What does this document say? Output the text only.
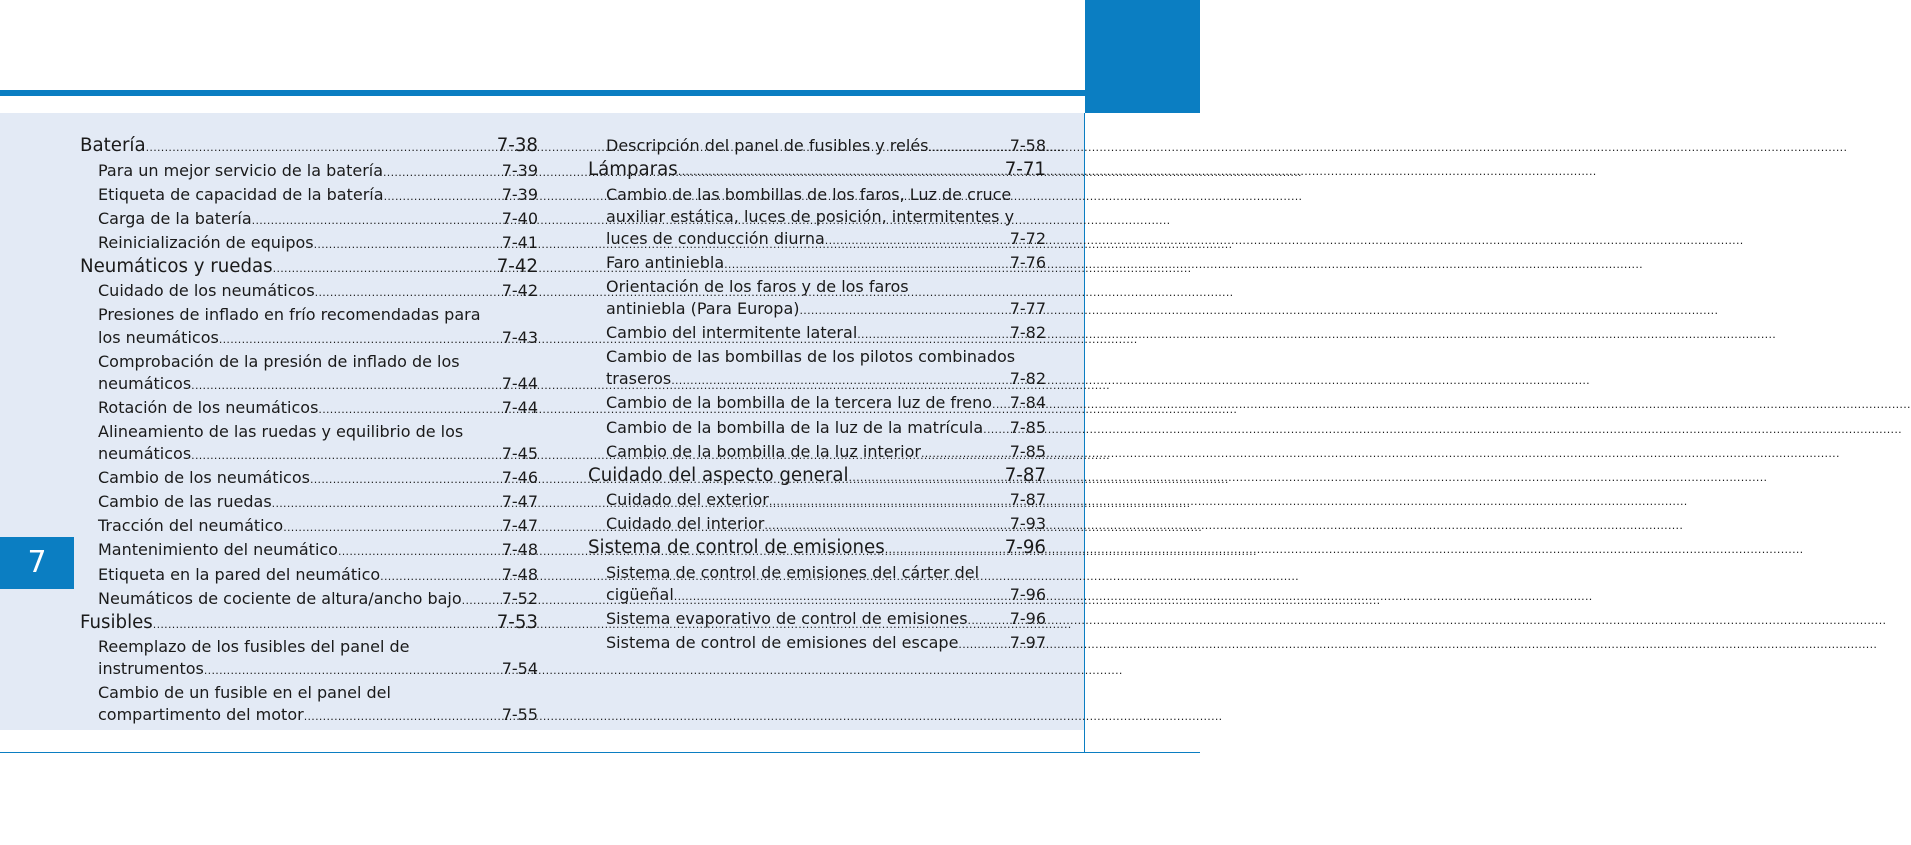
7
Batería .....	7-38
Para un mejor servicio de la batería .....	7-39
Etiqueta de capacidad de la batería .....	7-39
Carga de la batería .....	7-40
Reinicialización de equipos .....	7-41
Neumáticos y ruedas .....	7-42
Cuidado de los neumáticos .....	7-42
Presiones de inflado en frío recomendadas para
los neumáticos .....	7-43
Comprobación de la presión de inflado de los
neumáticos .....	7-44
Rotación de los neumáticos .....	7-44
Alineamiento de las ruedas y equilibrio de los
neumáticos .....	7-45
Cambio de los neumáticos .....	7-46
Cambio de las ruedas .....	7-47
Tracción del neumático .....	7-47
Mantenimiento del neumático .....	7-48
Etiqueta en la pared del neumático .....	7-48
Neumáticos de cociente de altura/ancho bajo .....	7-52
Fusibles .....	7-53
Reemplazo de los fusibles del panel de
instrumentos .....	7-54
Cambio de un fusible en el panel del
compartimento del motor .....	7-55
Descripción del panel de fusibles y relés .....	7-58
Lámparas .....	7-71
Cambio de las bombillas de los faros, Luz de cruce
auxiliar estática, luces de posición, intermitentes y
luces de conducción diurna .....	7-72
Faro antiniebla .....	7-76
Orientación de los faros y de los faros
antiniebla (Para Europa) .....	7-77
Cambio del intermitente lateral .....	7-82
Cambio de las bombillas de los pilotos combinados
traseros .....	7-82
Cambio de la bombilla de la tercera luz de freno ..... 7-84
Cambio de la bombilla de la luz de la matrícula ..... 7-85
Cambio de la bombilla de la luz interior .....	7-85
Cuidado del aspecto general .....	7-87
Cuidado del exterior .....	7-87
Cuidado del interior .....	7-93
Sistema de control de emisiones .....	7-96
Sistema de control de emisiones del cárter del
cigüeñal .....	7-96
Sistema evaporativo de control de emisiones .....	7-96
Sistema de control de emisiones del escape .....	7-97
